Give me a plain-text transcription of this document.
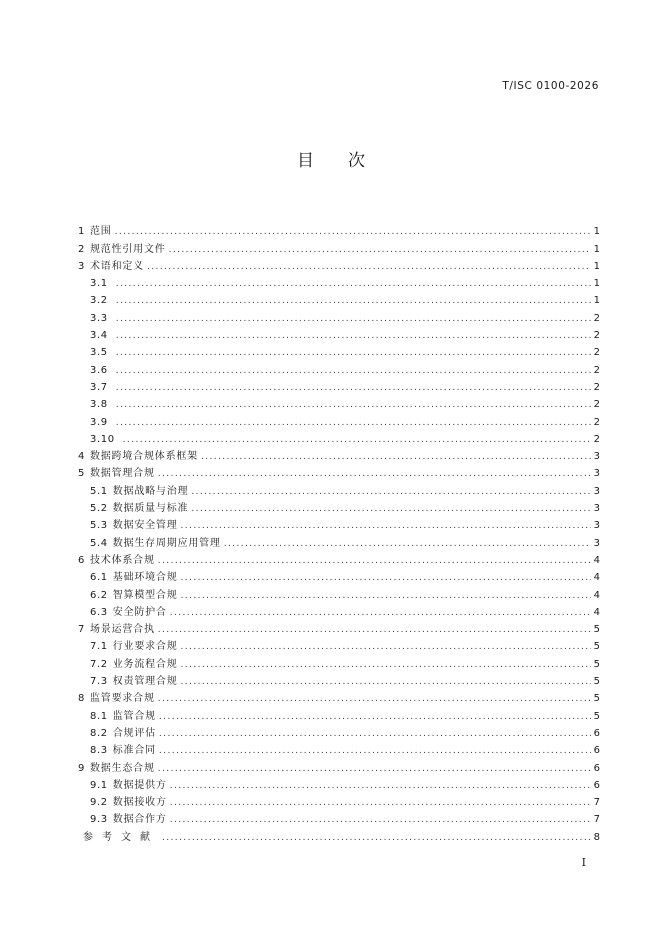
T/ISC 0100-2026
目次
1 范围 .....	1
2 规范性引用文件 .....	1
3 术语和定义 .....	1
3.1 .....	1
3.2 .....	1
3.3 .....	2
3.4 .....	2
3.5 .....	2
3.6 .....	2
3.7 .....	2
3.8 .....	2
3.9 .....	2
3.10 .....	2
4 数据跨境合规体系框架 .....	3
5 数据管理合规 .....	3
5.1 数据战略与治理 .....	3
5.2 数据质量与标准 .....	3
5.3 数据安全管理 .....	3
5.4 数据生存周期应用管理 .....	3
6 技术体系合规 .....	4
6.1 基础环境合规 .....	4
6.2 智算模型合规 .....	4
6.3 安全防护合 .....	4
7 场景运营合执 .....	5
7.1 行业要求合规 .....	5
7.2 业务流程合规 .....	5
7.3 权责管理合规 .....	5
8 监管要求合规 .....	5
8.1 监管合规 .....	5
8.2 合规评估 .....	6
8.3 标准合同 .....	6
9 数据生态合规 .....	6
9.1 数据提供方 .....	6
9.2 数据接收方 .....	7
9.3 数据合作方 .....	7
参考文献 .....	8
I
